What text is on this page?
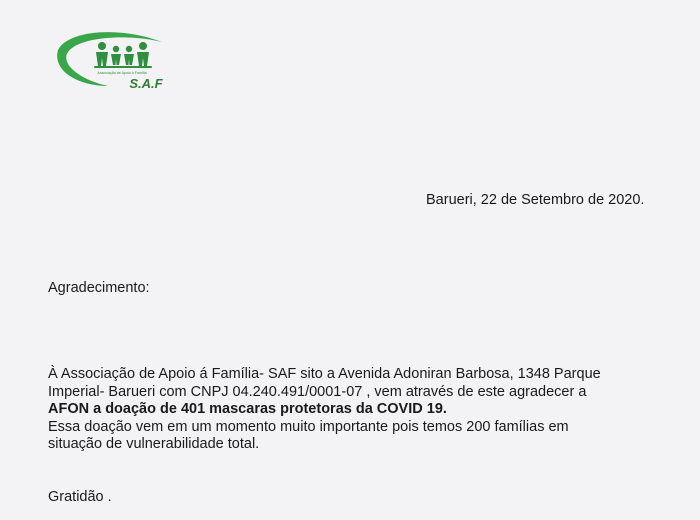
Associação de Apoio à Família
S.A.F
Barueri, 22 de Setembro de 2020.
Agradecimento:
À Associação de Apoio á Família- SAF sito a Avenida Adoniran Barbosa, 1348 Parque
Imperial- Barueri com CNPJ 04.240.491/0001-07 , vem através de este agradecer a
AFON a doação de 401 mascaras protetoras da COVID 19.
Essa doação vem em um momento muito importante pois temos 200 famílias em
situação de vulnerabilidade total.
Gratidão .
